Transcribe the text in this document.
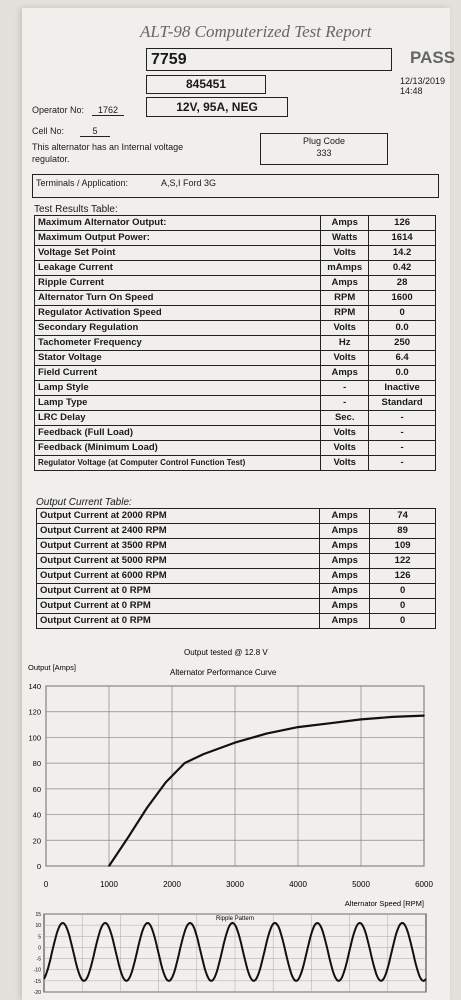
ALT-98 Computerized Test Report
7759	PASS
845451	12/13/2019 14:48
12V, 95A, NEG
Operator No:	1762
Cell No:	5
This alternator has an Internal voltage
regulator.
Plug Code
333
Terminals / Application:	A,S,I Ford 3G
Test Results Table:
Maximum Alternator Output:	Amps	126
Maximum Output Power:	Watts	1614
Voltage Set Point	Volts	14.2
Leakage Current	mAmps	0.42
Ripple Current	Amps	28
Alternator Turn On Speed	RPM	1600
Regulator Activation Speed	RPM	0
Secondary Regulation	Volts	0.0
Tachometer Frequency	Hz	250
Stator Voltage	Volts	6.4
Field Current	Amps	0.0
Lamp Style	-	Inactive
Lamp Type	-	Standard
LRC Delay	Sec.	-
Feedback (Full Load)	Volts	-
Feedback (Minimum Load)	Volts	-
Regulator Voltage (at Computer Control Function Test)	Volts	-
Output Current Table:
Output Current at 2000 RPM	Amps	74
Output Current at 2400 RPM	Amps	89
Output Current at 3500 RPM	Amps	109
Output Current at 5000 RPM	Amps	122
Output Current at 6000 RPM	Amps	126
Output Current at 0 RPM	Amps	0
Output Current at 0 RPM	Amps	0
Output Current at 0 RPM	Amps	0
Output tested @ 12.8 V
Output [Amps]
Alternator Performance Curve
0	1000	2000	3000	4000	5000	6000
0
20
40
60
80
100
120
140
Alternator Speed [RPM]
Ripple Pattern
15
10
5
0
-5
-10
-15
-20
